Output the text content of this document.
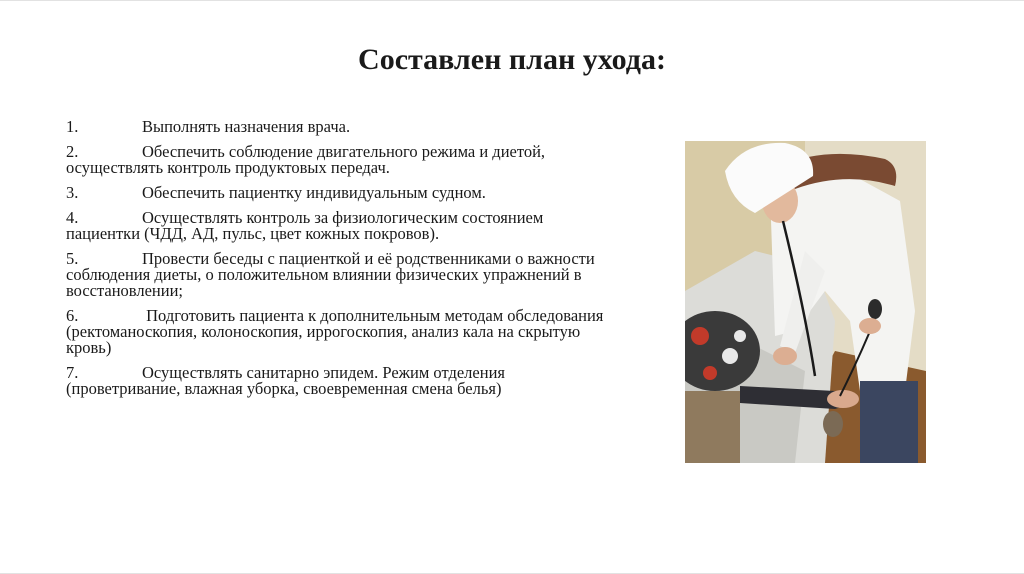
Составлен план ухода:
1.	Выполнять назначения врача.
2.	Обеспечить соблюдение двигательного режима и диетой, осуществлять контроль продуктовых передач.
3.	Обеспечить пациентку индивидуальным судном.
4.	Осуществлять контроль за физиологическим состоянием пациентки (ЧДД, АД, пульс, цвет кожных покровов).
5.	Провести беседы с пациенткой и её родственниками о важности соблюдения диеты, о положительном влиянии физических упражнений в восстановлении;
6.	Подготовить пациента к дополнительным методам обследования (ректоманоскопия, колоноскопия, иррогоскопия, анализ кала на скрытую кровь)
7.	Осуществлять санитарно эпидем. Режим отделения (проветривание, влажная уборка, своевременная смена белья)
